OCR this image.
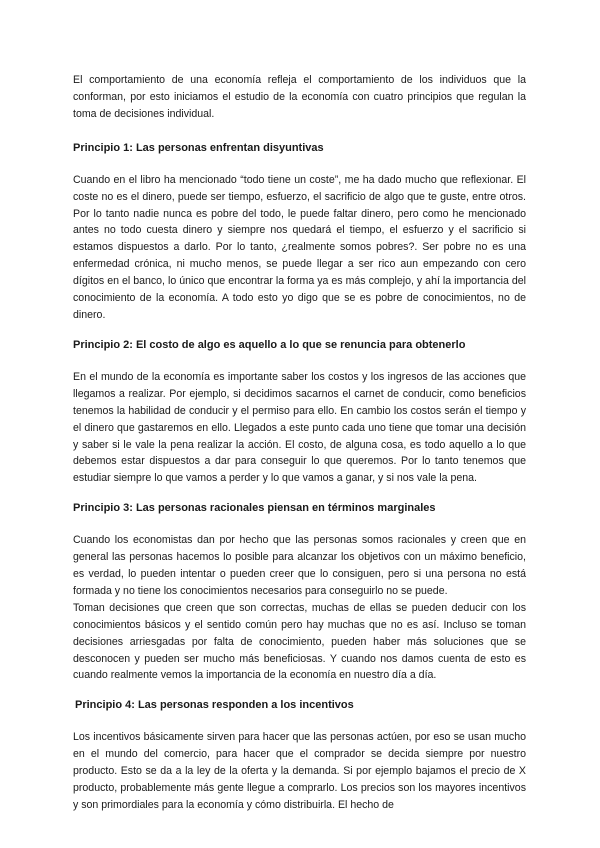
El comportamiento de una economía refleja el comportamiento de los individuos que la conforman, por esto iniciamos el estudio de la economía con cuatro principios que regulan la toma de decisiones individual.

Principio 1: Las personas enfrentan disyuntivas

Cuando en el libro ha mencionado “todo tiene un coste”, me ha dado mucho que reflexionar. El coste no es el dinero, puede ser tiempo, esfuerzo, el sacrificio de algo que te guste, entre otros. Por lo tanto nadie nunca es pobre del todo, le puede faltar dinero, pero como he mencionado antes no todo cuesta dinero y siempre nos quedará el tiempo, el esfuerzo y el sacrificio si estamos dispuestos a darlo. Por lo tanto, ¿realmente somos pobres?. Ser pobre no es una enfermedad crónica, ni mucho menos, se puede llegar a ser rico aun empezando con cero dígitos en el banco, lo único que encontrar la forma ya es más complejo, y ahí la importancia del conocimiento de la economía. A todo esto yo digo que se es pobre de conocimientos, no de dinero.

Principio 2: El costo de algo es aquello a lo que se renuncia para obtenerlo

En el mundo de la economía es importante saber los costos y los ingresos de las acciones que llegamos a realizar. Por ejemplo, si decidimos sacarnos el carnet de conducir, como beneficios tenemos la habilidad de conducir y el permiso para ello. En cambio los costos serán el tiempo y el dinero que gastaremos en ello. Llegados a este punto cada uno tiene que tomar una decisión y saber si le vale la pena realizar la acción. El costo, de alguna cosa, es todo aquello a lo que debemos estar dispuestos a dar para conseguir lo que queremos. Por lo tanto tenemos que estudiar siempre lo que vamos a perder y lo que vamos a ganar, y si nos vale la pena.

Principio 3: Las personas racionales piensan en términos marginales

Cuando los economistas dan por hecho que las personas somos racionales y creen que en general las personas hacemos lo posible para alcanzar los objetivos con un máximo beneficio, es verdad, lo pueden intentar o pueden creer que lo consiguen, pero si una persona no está formada y no tiene los conocimientos necesarios para conseguirlo no se puede.

Toman decisiones que creen que son correctas, muchas de ellas se pueden deducir con los conocimientos básicos y el sentido común pero hay muchas que no es así. Incluso se toman decisiones arriesgadas por falta de conocimiento, pueden haber más soluciones que se desconocen y pueden ser mucho más beneficiosas. Y cuando nos damos cuenta de esto es cuando realmente vemos la importancia de la economía en nuestro día a día.

Principio 4: Las personas responden a los incentivos

Los incentivos básicamente sirven para hacer que las personas actúen, por eso se usan mucho en el mundo del comercio, para hacer que el comprador se decida siempre por nuestro producto. Esto se da a la ley de la oferta y la demanda. Si por ejemplo bajamos el precio de X producto, probablemente más gente llegue a comprarlo. Los precios son los mayores incentivos y son primordiales para la economía y cómo distribuirla. El hecho de
